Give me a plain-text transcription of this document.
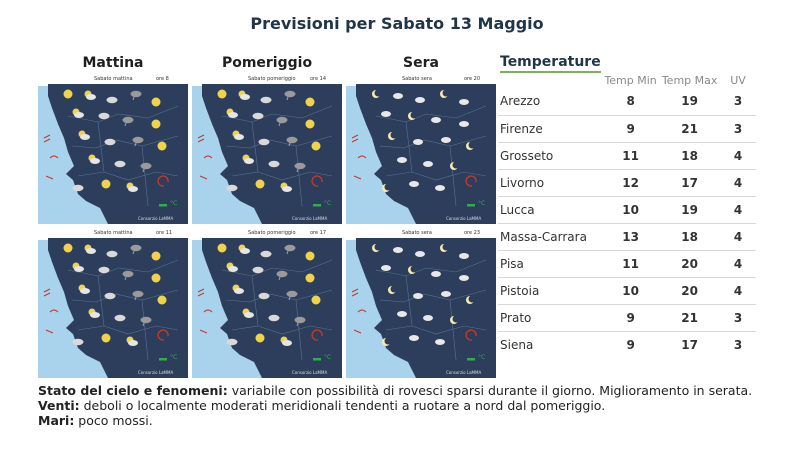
Previsioni per Sabato 13 Maggio
Mattina	Pomeriggio	Sera
Sabato mattina	ore 8
°C
Consorzio LaMMA
Sabato pomeriggio	ore 14
°C
Consorzio LaMMA
Sabato sera	ore 20
°C
Consorzio LaMMA
Sabato mattina	ore 11
°C
Consorzio LaMMA
Sabato pomeriggio	ore 17
°C
Consorzio LaMMA
Sabato sera	ore 23
°C
Consorzio LaMMA
Temperature
	Temp Min	Temp Max	UV
Arezzo	8	19	3
Firenze	9	21	3
Grosseto	11	18	4
Livorno	12	17	4
Lucca	10	19	4
Massa-Carrara	13	18	4
Pisa	11	20	4
Pistoia	10	20	4
Prato	9	21	3
Siena	9	17	3
Stato del cielo e fenomeni: variabile con possibilità di rovesci sparsi durante il giorno. Miglioramento in serata.
Venti: deboli o localmente moderati meridionali tendenti a ruotare a nord dal pomeriggio.
Mari: poco mossi.
